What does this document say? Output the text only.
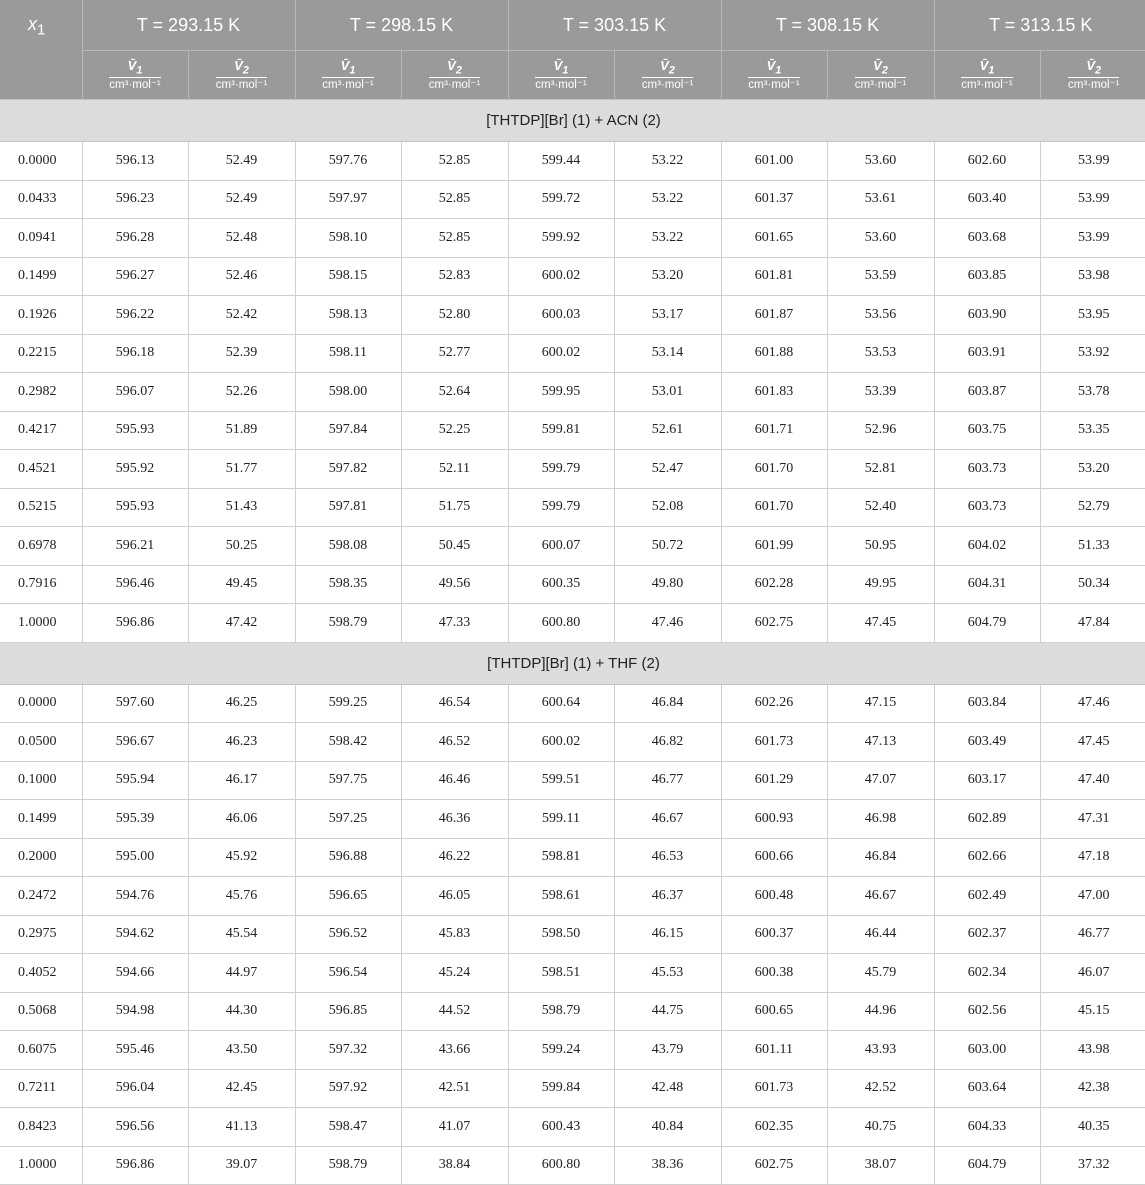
$x_1$	T = 293.15 K		T = 298.15 K		T = 303.15 K		T = 308.15 K		T = 313.15 K	

	$\frac{V̄_1}{\text{cm³·mol⁻¹}}$	$\frac{V̄_2}{\text{cm³·mol⁻¹}}$	$\frac{V̄_1}{\text{cm³·mol⁻¹}}$	$\frac{V̄_2}{\text{cm³·mol⁻¹}}$	$\frac{V̄_1}{\text{cm³·mol⁻¹}}$	$\frac{V̄_2}{\text{cm³·mol⁻¹}}$	$\frac{V̄_1}{\text{cm³·mol⁻¹}}$	$\frac{V̄_2}{\text{cm³·mol⁻¹}}$	$\frac{V̄_1}{\text{cm³·mol⁻¹}}$	$\frac{V̄_2}{\text{cm³·mol⁻¹}}$

[THTDP][Br] (1) + ACN (2)										
0.0000	596.13	52.49	597.76	52.85	599.44	53.22	601.00	53.60	602.60	53.99
0.0433	596.23	52.49	597.97	52.85	599.72	53.22	601.37	53.61	603.40	53.99
0.0941	596.28	52.48	598.10	52.85	599.92	53.22	601.65	53.60	603.68	53.99
0.1499	596.27	52.46	598.15	52.83	600.02	53.20	601.81	53.59	603.85	53.98
0.1926	596.22	52.42	598.13	52.80	600.03	53.17	601.87	53.56	603.90	53.95
0.2215	596.18	52.39	598.11	52.77	600.02	53.14	601.88	53.53	603.91	53.92
0.2982	596.07	52.26	598.00	52.64	599.95	53.01	601.83	53.39	603.87	53.78
0.4217	595.93	51.89	597.84	52.25	599.81	52.61	601.71	52.96	603.75	53.35
0.4521	595.92	51.77	597.82	52.11	599.79	52.47	601.70	52.81	603.73	53.20
0.5215	595.93	51.43	597.81	51.75	599.79	52.08	601.70	52.40	603.73	52.79
0.6978	596.21	50.25	598.08	50.45	600.07	50.72	601.99	50.95	604.02	51.33
0.7916	596.46	49.45	598.35	49.56	600.35	49.80	602.28	49.95	604.31	50.34
1.0000	596.86	47.42	598.79	47.33	600.80	47.46	602.75	47.45	604.79	47.84
[THTDP][Br] (1) + THF (2)										
0.0000	597.60	46.25	599.25	46.54	600.64	46.84	602.26	47.15	603.84	47.46
0.0500	596.67	46.23	598.42	46.52	600.02	46.82	601.73	47.13	603.49	47.45
0.1000	595.94	46.17	597.75	46.46	599.51	46.77	601.29	47.07	603.17	47.40
0.1499	595.39	46.06	597.25	46.36	599.11	46.67	600.93	46.98	602.89	47.31
0.2000	595.00	45.92	596.88	46.22	598.81	46.53	600.66	46.84	602.66	47.18
0.2472	594.76	45.76	596.65	46.05	598.61	46.37	600.48	46.67	602.49	47.00
0.2975	594.62	45.54	596.52	45.83	598.50	46.15	600.37	46.44	602.37	46.77
0.4052	594.66	44.97	596.54	45.24	598.51	45.53	600.38	45.79	602.34	46.07
0.5068	594.98	44.30	596.85	44.52	598.79	44.75	600.65	44.96	602.56	45.15
0.6075	595.46	43.50	597.32	43.66	599.24	43.79	601.11	43.93	603.00	43.98
0.7211	596.04	42.45	597.92	42.51	599.84	42.48	601.73	42.52	603.64	42.38
0.8423	596.56	41.13	598.47	41.07	600.43	40.84	602.35	40.75	604.33	40.35
1.0000	596.86	39.07	598.79	38.84	600.80	38.36	602.75	38.07	604.79	37.32
